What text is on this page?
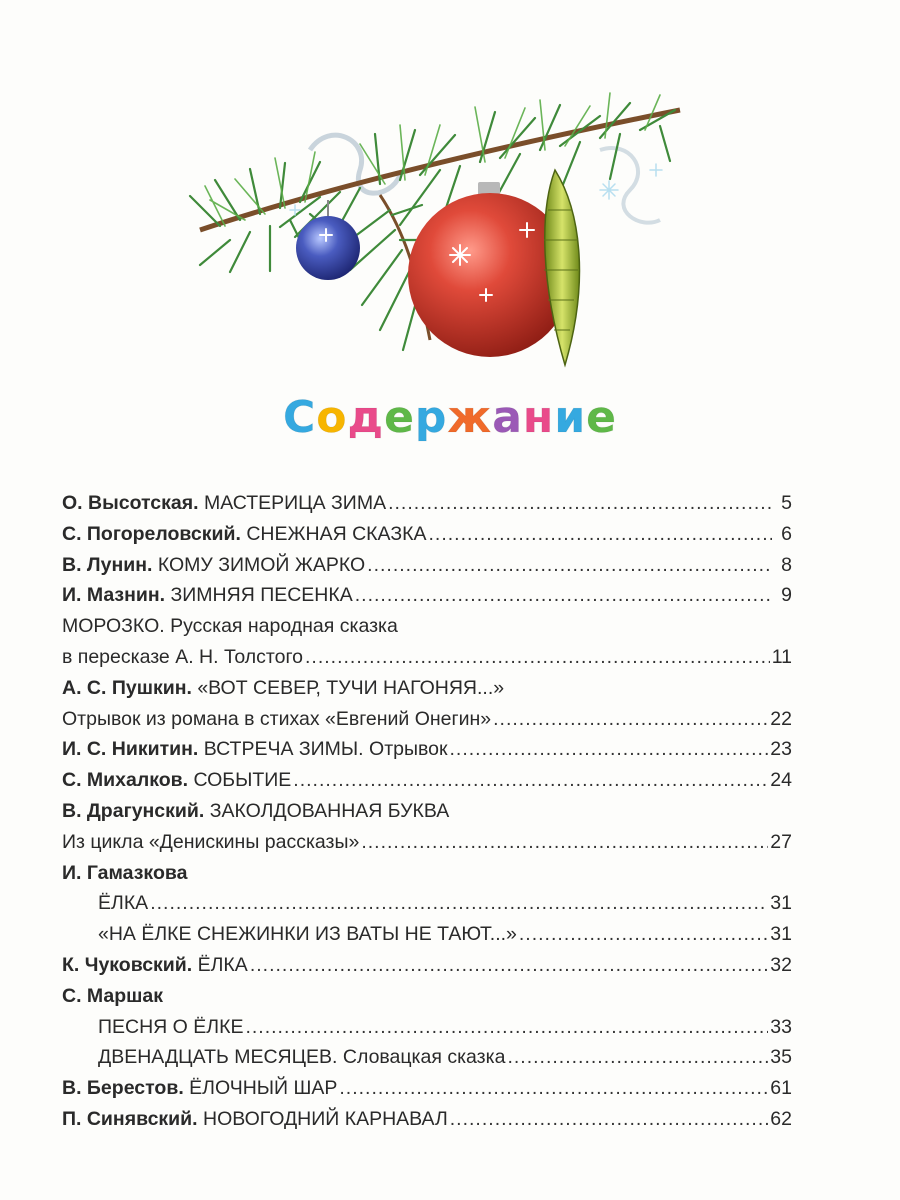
Содержание
О. Высотская. МАСТЕРИЦА ЗИМА .....	5
С. Погореловский. СНЕЖНАЯ СКАЗКА .....	6
В. Лунин. КОМУ ЗИМОЙ ЖАРКО .....	8
И. Мазнин. ЗИМНЯЯ ПЕСЕНКА .....	9
МОРОЗКО. Русская народная сказка
в пересказе А. Н. Толстого .....	11
А. С. Пушкин. «ВОТ СЕВЕР, ТУЧИ НАГОНЯЯ...»
Отрывок из романа в стихах «Евгений Онегин» .....	22
И. С. Никитин. ВСТРЕЧА ЗИМЫ. Отрывок .....	23
С. Михалков. СОБЫТИЕ .....	24
В. Драгунский. ЗАКОЛДОВАННАЯ БУКВА
Из цикла «Денискины рассказы» .....	27
И. Гамазкова
ЁЛКА .....	31
«НА ЁЛКЕ СНЕЖИНКИ ИЗ ВАТЫ НЕ ТАЮТ...» .....	31
К. Чуковский. ЁЛКА .....	32
С. Маршак
ПЕСНЯ О ЁЛКЕ .....	33
ДВЕНАДЦАТЬ МЕСЯЦЕВ. Словацкая сказка .....	35
В. Берестов. ЁЛОЧНЫЙ ШАР .....	61
П. Синявский. НОВОГОДНИЙ КАРНАВАЛ .....	62
